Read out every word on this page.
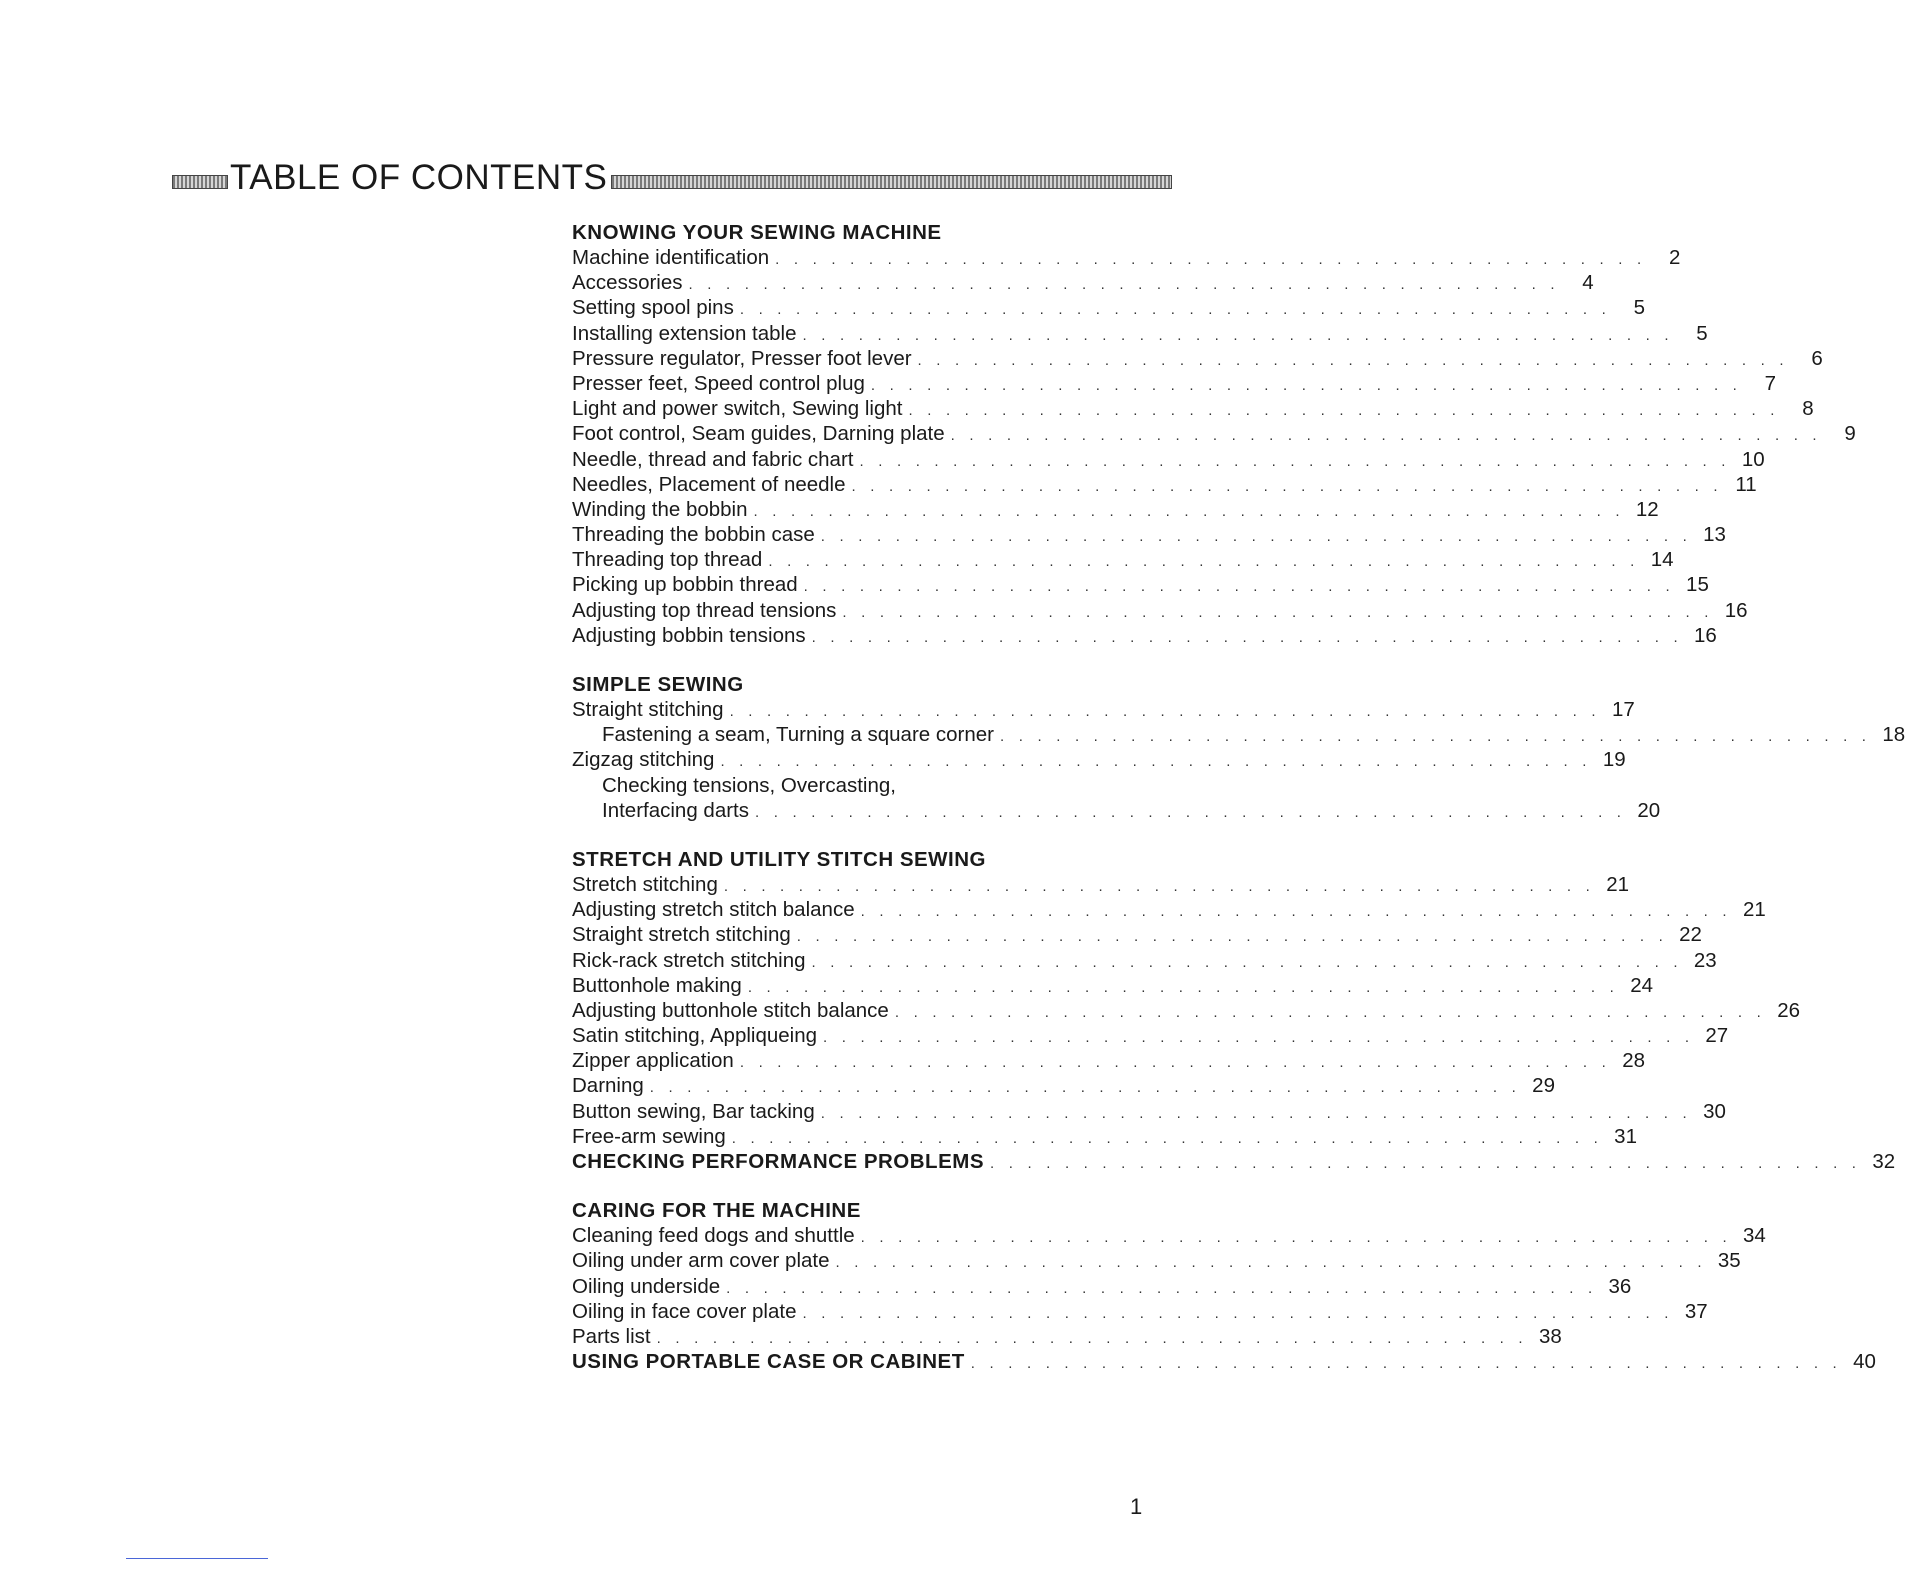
TABLE OF CONTENTS
KNOWING YOUR SEWING MACHINE
Machine identification . . . . . . . . . . . . . . . . . . . . . . . . . . . . . . . . . . . . . . . . . . . . . . .	2
Accessories . . . . . . . . . . . . . . . . . . . . . . . . . . . . . . . . . . . . . . . . . . . . . . .	4
Setting spool pins . . . . . . . . . . . . . . . . . . . . . . . . . . . . . . . . . . . . . . . . . . . . . . .	5
Installing extension table . . . . . . . . . . . . . . . . . . . . . . . . . . . . . . . . . . . . . . . . . . . . . . .	5
Pressure regulator, Presser foot lever . . . . . . . . . . . . . . . . . . . . . . . . . . . . . . . . . . . . . . . . . . . . . . .	6
Presser feet, Speed control plug . . . . . . . . . . . . . . . . . . . . . . . . . . . . . . . . . . . . . . . . . . . . . . .	7
Light and power switch, Sewing light . . . . . . . . . . . . . . . . . . . . . . . . . . . . . . . . . . . . . . . . . . . . . . .	8
Foot control, Seam guides, Darning plate . . . . . . . . . . . . . . . . . . . . . . . . . . . . . . . . . . . . . . . . . . . . . . .	9
Needle, thread and fabric chart . . . . . . . . . . . . . . . . . . . . . . . . . . . . . . . . . . . . . . . . . . . . . . . 10
Needles, Placement of needle . . . . . . . . . . . . . . . . . . . . . . . . . . . . . . . . . . . . . . . . . . . . . . . 11
Winding the bobbin . . . . . . . . . . . . . . . . . . . . . . . . . . . . . . . . . . . . . . . . . . . . . . . 12
Threading the bobbin case . . . . . . . . . . . . . . . . . . . . . . . . . . . . . . . . . . . . . . . . . . . . . . . 13
Threading top thread . . . . . . . . . . . . . . . . . . . . . . . . . . . . . . . . . . . . . . . . . . . . . . . 14
Picking up bobbin thread . . . . . . . . . . . . . . . . . . . . . . . . . . . . . . . . . . . . . . . . . . . . . . . 15
Adjusting top thread tensions . . . . . . . . . . . . . . . . . . . . . . . . . . . . . . . . . . . . . . . . . . . . . . . 16
Adjusting bobbin tensions . . . . . . . . . . . . . . . . . . . . . . . . . . . . . . . . . . . . . . . . . . . . . . . 16
SIMPLE SEWING
Straight stitching . . . . . . . . . . . . . . . . . . . . . . . . . . . . . . . . . . . . . . . . . . . . . . . 17
Fastening a seam, Turning a square corner . . . . . . . . . . . . . . . . . . . . . . . . . . . . . . . . . . . . . . . . . . . . . . . 18
Zigzag stitching . . . . . . . . . . . . . . . . . . . . . . . . . . . . . . . . . . . . . . . . . . . . . . . 19
Checking tensions, Overcasting,
Interfacing darts . . . . . . . . . . . . . . . . . . . . . . . . . . . . . . . . . . . . . . . . . . . . . . . 20
STRETCH AND UTILITY STITCH SEWING
Stretch stitching . . . . . . . . . . . . . . . . . . . . . . . . . . . . . . . . . . . . . . . . . . . . . . . 21
Adjusting stretch stitch balance . . . . . . . . . . . . . . . . . . . . . . . . . . . . . . . . . . . . . . . . . . . . . . . 21
Straight stretch stitching . . . . . . . . . . . . . . . . . . . . . . . . . . . . . . . . . . . . . . . . . . . . . . . 22
Rick-rack stretch stitching . . . . . . . . . . . . . . . . . . . . . . . . . . . . . . . . . . . . . . . . . . . . . . . 23
Buttonhole making . . . . . . . . . . . . . . . . . . . . . . . . . . . . . . . . . . . . . . . . . . . . . . . 24
Adjusting buttonhole stitch balance . . . . . . . . . . . . . . . . . . . . . . . . . . . . . . . . . . . . . . . . . . . . . . . 26
Satin stitching, Appliqueing . . . . . . . . . . . . . . . . . . . . . . . . . . . . . . . . . . . . . . . . . . . . . . . 27
Zipper application . . . . . . . . . . . . . . . . . . . . . . . . . . . . . . . . . . . . . . . . . . . . . . . 28
Darning . . . . . . . . . . . . . . . . . . . . . . . . . . . . . . . . . . . . . . . . . . . . . . . 29
Button sewing, Bar tacking . . . . . . . . . . . . . . . . . . . . . . . . . . . . . . . . . . . . . . . . . . . . . . . 30
Free-arm sewing . . . . . . . . . . . . . . . . . . . . . . . . . . . . . . . . . . . . . . . . . . . . . . . 31
CHECKING PERFORMANCE PROBLEMS . . . . . . . . . . . . . . . . . . . . . . . . . . . . . . . . . . . . . . . . . . . . . . . 32
CARING FOR THE MACHINE
Cleaning feed dogs and shuttle . . . . . . . . . . . . . . . . . . . . . . . . . . . . . . . . . . . . . . . . . . . . . . . 34
Oiling under arm cover plate . . . . . . . . . . . . . . . . . . . . . . . . . . . . . . . . . . . . . . . . . . . . . . . 35
Oiling underside . . . . . . . . . . . . . . . . . . . . . . . . . . . . . . . . . . . . . . . . . . . . . . . 36
Oiling in face cover plate . . . . . . . . . . . . . . . . . . . . . . . . . . . . . . . . . . . . . . . . . . . . . . . 37
Parts list . . . . . . . . . . . . . . . . . . . . . . . . . . . . . . . . . . . . . . . . . . . . . . . 38
USING PORTABLE CASE OR CABINET . . . . . . . . . . . . . . . . . . . . . . . . . . . . . . . . . . . . . . . . . . . . . . . 40
1
